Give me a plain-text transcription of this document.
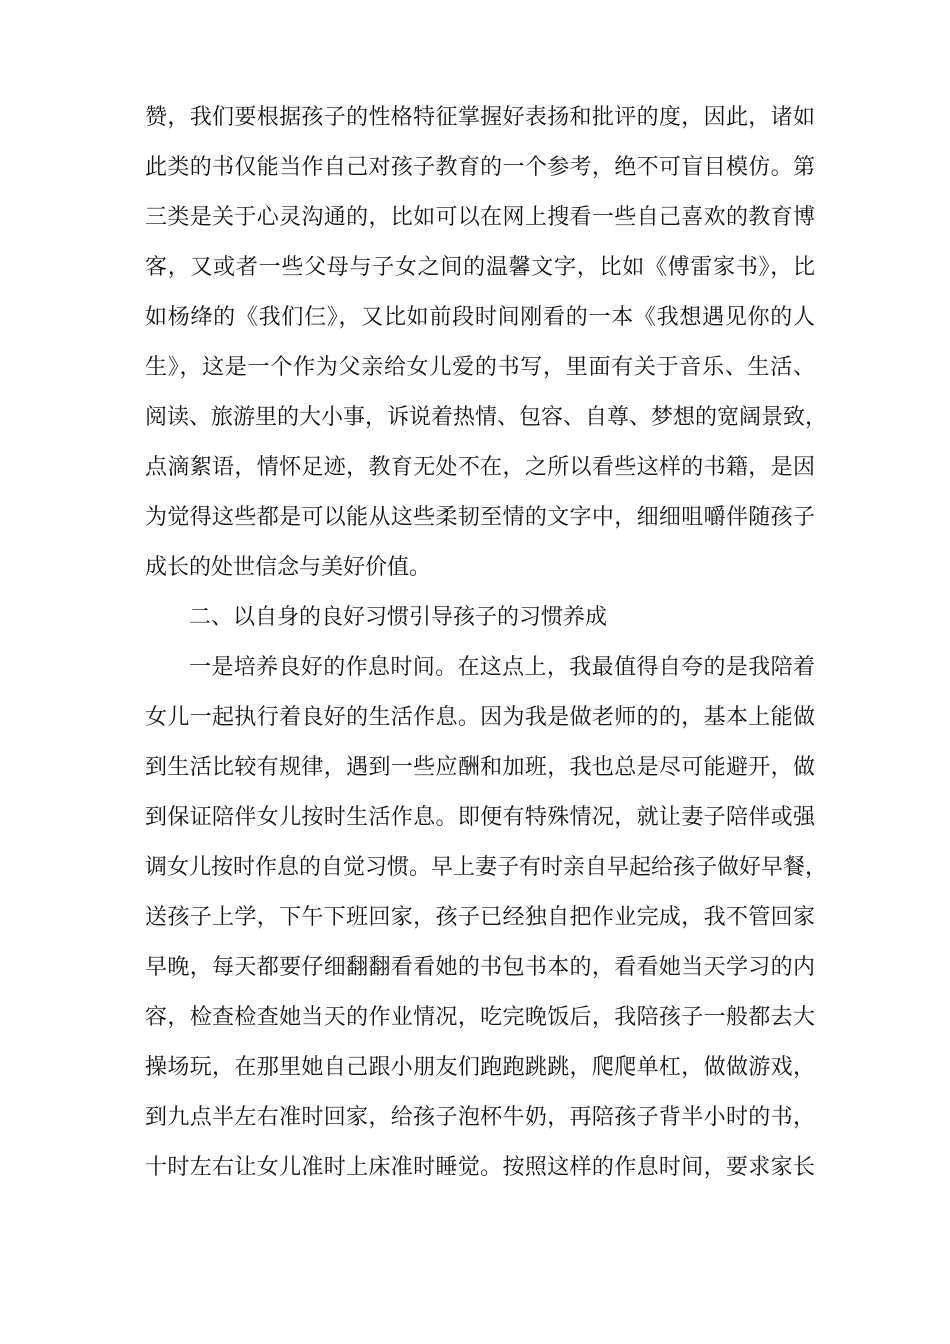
赞，我们要根据孩子的性格特征掌握好表扬和批评的度，因此，诸如
此类的书仅能当作自己对孩子教育的一个参考，绝不可盲目模仿。第
三类是关于心灵沟通的，比如可以在网上搜看一些自己喜欢的教育博
客，又或者一些父母与子女之间的温馨文字，比如《傅雷家书》，比
如杨绛的《我们仨》，又比如前段时间刚看的一本《我想遇见你的人
生》，这是一个作为父亲给女儿爱的书写，里面有关于音乐、生活、
阅读、旅游里的大小事，诉说着热情、包容、自尊、梦想的宽阔景致，
点滴絮语，情怀足迹，教育无处不在，之所以看些这样的书籍，是因
为觉得这些都是可以能从这些柔韧至情的文字中，细细咀嚼伴随孩子
成长的处世信念与美好价值。
二、以自身的良好习惯引导孩子的习惯养成
一是培养良好的作息时间。在这点上，我最值得自夸的是我陪着
女儿一起执行着良好的生活作息。因为我是做老师的的，基本上能做
到生活比较有规律，遇到一些应酬和加班，我也总是尽可能避开，做
到保证陪伴女儿按时生活作息。即便有特殊情况，就让妻子陪伴或强
调女儿按时作息的自觉习惯。早上妻子有时亲自早起给孩子做好早餐，
送孩子上学，下午下班回家，孩子已经独自把作业完成，我不管回家
早晚，每天都要仔细翻翻看看她的书包书本的，看看她当天学习的内
容，检查检查她当天的作业情况，吃完晚饭后，我陪孩子一般都去大
操场玩，在那里她自己跟小朋友们跑跑跳跳，爬爬单杠，做做游戏，
到九点半左右准时回家，给孩子泡杯牛奶，再陪孩子背半小时的书，
十时左右让女儿准时上床准时睡觉。按照这样的作息时间，要求家长
